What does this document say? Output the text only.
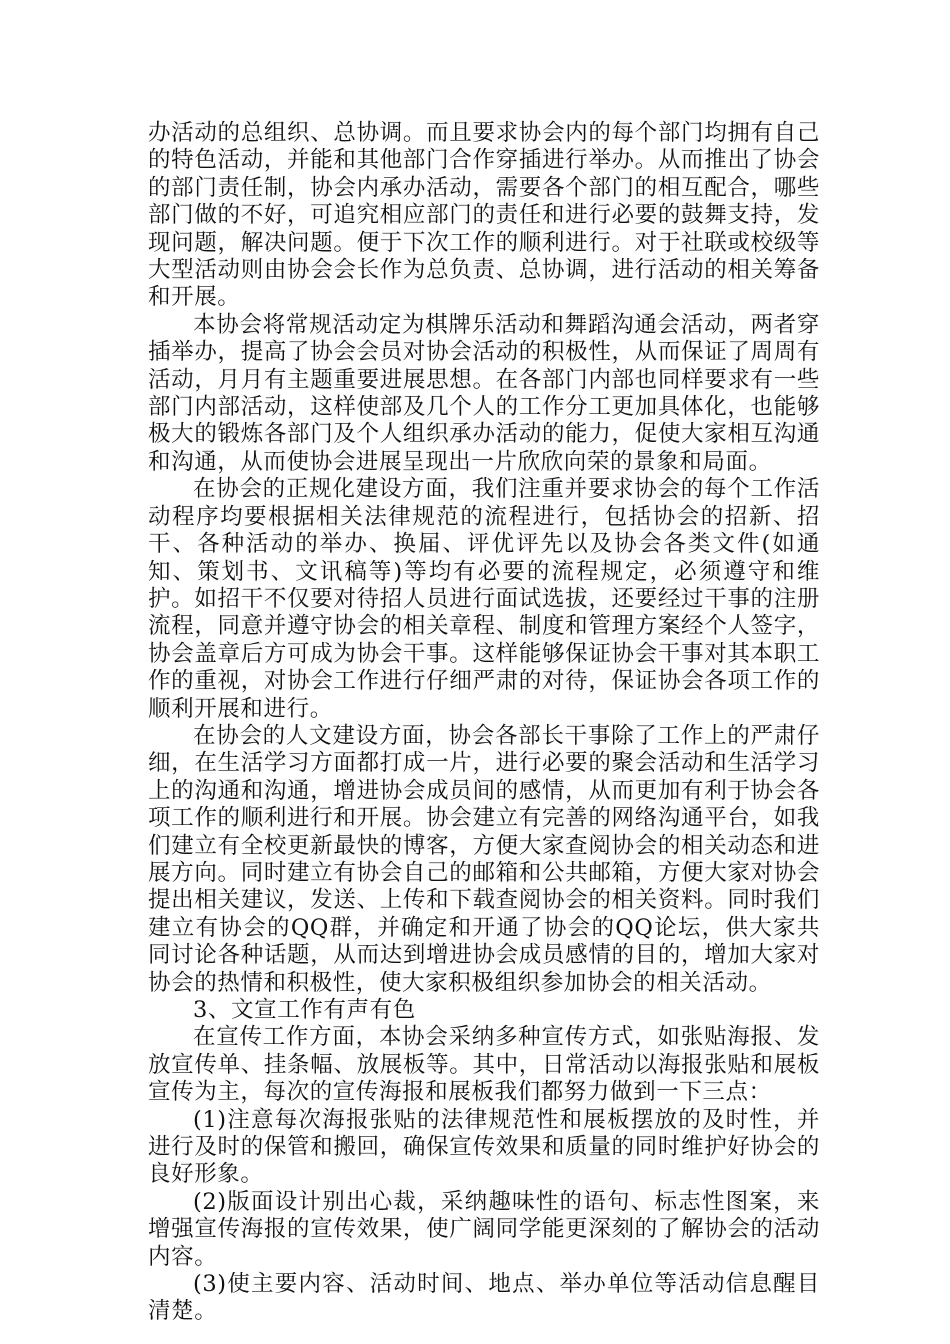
办活动的总组织、总协调。而且要求协会内的每个部门均拥有自己的特色活动，并能和其他部门合作穿插进行举办。从而推出了协会的部门责任制，协会内承办活动，需要各个部门的相互配合，哪些部门做的不好，可追究相应部门的责任和进行必要的鼓舞支持，发现问题，解决问题。便于下次工作的顺利进行。对于社联或校级等大型活动则由协会会长作为总负责、总协调，进行活动的相关筹备和开展。

本协会将常规活动定为棋牌乐活动和舞蹈沟通会活动，两者穿插举办，提高了协会会员对协会活动的积极性，从而保证了周周有活动，月月有主题重要进展思想。在各部门内部也同样要求有一些部门内部活动，这样使部及几个人的工作分工更加具体化，也能够极大的锻炼各部门及个人组织承办活动的能力，促使大家相互沟通和沟通，从而使协会进展呈现出一片欣欣向荣的景象和局面。

在协会的正规化建设方面，我们注重并要求协会的每个工作活动程序均要根据相关法律规范的流程进行，包括协会的招新、招干、各种活动的举办、换届、评优评先以及协会各类文件(如通知、策划书、文讯稿等)等均有必要的流程规定，必须遵守和维护。如招干不仅要对待招人员进行面试选拔，还要经过干事的注册流程，同意并遵守协会的相关章程、制度和管理方案经个人签字，协会盖章后方可成为协会干事。这样能够保证协会干事对其本职工作的重视，对协会工作进行仔细严肃的对待，保证协会各项工作的顺利开展和进行。

在协会的人文建设方面，协会各部长干事除了工作上的严肃仔细，在生活学习方面都打成一片，进行必要的聚会活动和生活学习上的沟通和沟通，增进协会成员间的感情，从而更加有利于协会各项工作的顺利进行和开展。协会建立有完善的网络沟通平台，如我们建立有全校更新最快的博客，方便大家查阅协会的相关动态和进展方向。同时建立有协会自己的邮箱和公共邮箱，方便大家对协会提出相关建议，发送、上传和下载查阅协会的相关资料。同时我们建立有协会的QQ群，并确定和开通了协会的QQ论坛，供大家共同讨论各种话题，从而达到增进协会成员感情的目的，增加大家对协会的热情和积极性，使大家积极组织参加协会的相关活动。

3、文宣工作有声有色

在宣传工作方面，本协会采纳多种宣传方式，如张贴海报、发放宣传单、挂条幅、放展板等。其中，日常活动以海报张贴和展板宣传为主，每次的宣传海报和展板我们都努力做到一下三点：

(1)注意每次海报张贴的法律规范性和展板摆放的及时性，并进行及时的保管和搬回，确保宣传效果和质量的同时维护好协会的良好形象。

(2)版面设计别出心裁，采纳趣味性的语句、标志性图案，来增强宣传海报的宣传效果，使广阔同学能更深刻的了解协会的活动内容。

(3)使主要内容、活动时间、地点、举办单位等活动信息醒目清楚。
